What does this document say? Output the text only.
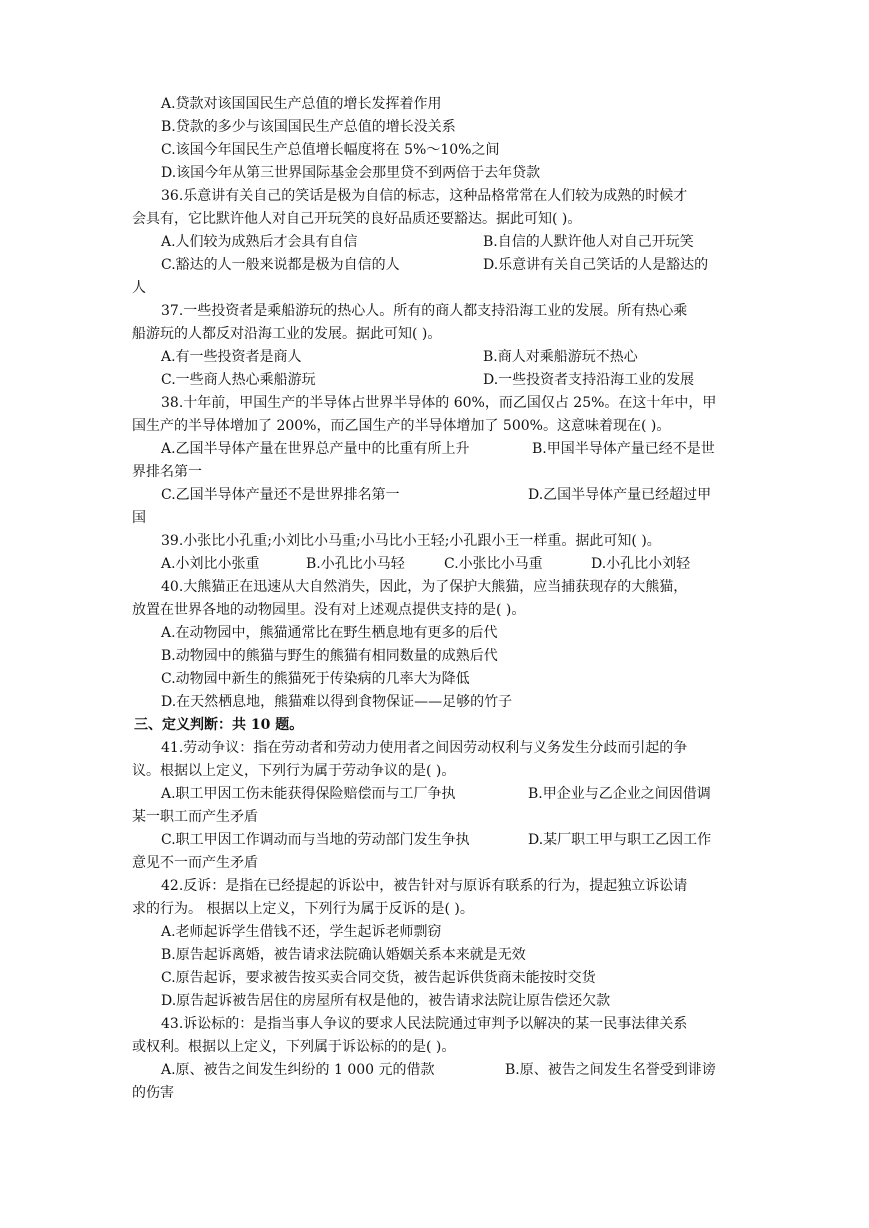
A.贷款对该国国民生产总值的增长发挥着作用
B.贷款的多少与该国国民生产总值的增长没关系
C.该国今年国民生产总值增长幅度将在 5%～10%之间
D.该国今年从第三世界国际基金会那里贷不到两倍于去年贷款
36.乐意讲有关自己的笑话是极为自信的标志，这种品格常常在人们较为成熟的时候才
会具有，它比默许他人对自己开玩笑的良好品质还要豁达。据此可知( )。
A.人们较为成熟后才会具有自信	B.自信的人默许他人对自己开玩笑
C.豁达的人一般来说都是极为自信的人	D.乐意讲有关自己笑话的人是豁达的
人
37.一些投资者是乘船游玩的热心人。所有的商人都支持沿海工业的发展。所有热心乘
船游玩的人都反对沿海工业的发展。据此可知( )。
A.有一些投资者是商人	B.商人对乘船游玩不热心
C.一些商人热心乘船游玩	D.一些投资者支持沿海工业的发展
38.十年前，甲国生产的半导体占世界半导体的 60%，而乙国仅占 25%。在这十年中，甲
国生产的半导体增加了 200%，而乙国生产的半导体增加了 500%。这意味着现在( )。
A.乙国半导体产量在世界总产量中的比重有所上升	B.甲国半导体产量已经不是世
界排名第一
C.乙国半导体产量还不是世界排名第一	D.乙国半导体产量已经超过甲
国
39.小张比小孔重;小刘比小马重;小马比小王轻;小孔跟小王一样重。据此可知( )。
A.小刘比小张重	B.小孔比小马轻	C.小张比小马重	D.小孔比小刘轻
40.大熊猫正在迅速从大自然消失，因此，为了保护大熊猫，应当捕获现存的大熊猫，
放置在世界各地的动物园里。没有对上述观点提供支持的是( )。
A.在动物园中，熊猫通常比在野生栖息地有更多的后代
B.动物园中的熊猫与野生的熊猫有相同数量的成熟后代
C.动物园中新生的熊猫死于传染病的几率大为降低
D.在天然栖息地，熊猫难以得到食物保证——足够的竹子
三、定义判断：共 10 题。
41.劳动争议：指在劳动者和劳动力使用者之间因劳动权利与义务发生分歧而引起的争
议。根据以上定义，下列行为属于劳动争议的是( )。
A.职工甲因工伤未能获得保险赔偿而与工厂争执	B.甲企业与乙企业之间因借调
某一职工而产生矛盾
C.职工甲因工作调动而与当地的劳动部门发生争执	D.某厂职工甲与职工乙因工作
意见不一而产生矛盾
42.反诉：是指在已经提起的诉讼中，被告针对与原诉有联系的行为，提起独立诉讼请
求的行为。 根据以上定义，下列行为属于反诉的是( )。
A.老师起诉学生借钱不还，学生起诉老师剽窃
B.原告起诉离婚，被告请求法院确认婚姻关系本来就是无效
C.原告起诉，要求被告按买卖合同交货，被告起诉供货商未能按时交货
D.原告起诉被告居住的房屋所有权是他的，被告请求法院让原告偿还欠款
43.诉讼标的：是指当事人争议的要求人民法院通过审判予以解决的某一民事法律关系
或权利。根据以上定义，下列属于诉讼标的的是( )。
A.原、被告之间发生纠纷的 1 000 元的借款	B.原、被告之间发生名誉受到诽谤
的伤害
